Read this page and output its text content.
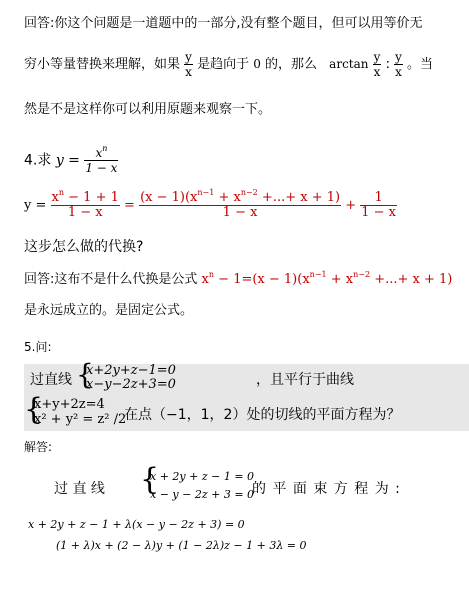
回答:你这个问题是一道题中的一部分,没有整个题目，但可以用等价无
穷小等量替换来理解，如果 $\frac{y}{x}$ 是趋向于 0 的，那么 $\arctan \frac{y}{x}$ : $\frac{y}{x}$ 。当
然是不是这样你可以利用原题来观察一下。
4.求 $y = \frac{x^n}{1 - x}$
$y = \frac{x^n - 1 + 1}{1 - x} = \frac{(x - 1)(x^{n-1} + x^{n-2} +...+ x + 1)}{1 - x} + \frac{1}{1 - x}$
这步怎么做的代换?
回答:这布不是什么代换是公式 $x^n - 1=(x - 1)(x^{n-1} + x^{n-2}$ +...+ x + 1)
是永远成立的。是固定公式。
5.问:
过直线 {
x+2y+z−1=0
x−y−2z+3=0	，且平行于曲线
{
x+y+2z=4
x² + y² = z² /2
在点（−1，1，2）处的切线的平面方程为？
解答:
过 直 线 {
x + 2y + z − 1 = 0
x − y − 2z + 3 = 0
的 平 面 束 方 程 为 :
x + 2y + z − 1 + λ(x − y − 2z + 3) = 0
(1 + λ)x + (2 − λ)y + (1 − 2λ)z − 1 + 3λ = 0
